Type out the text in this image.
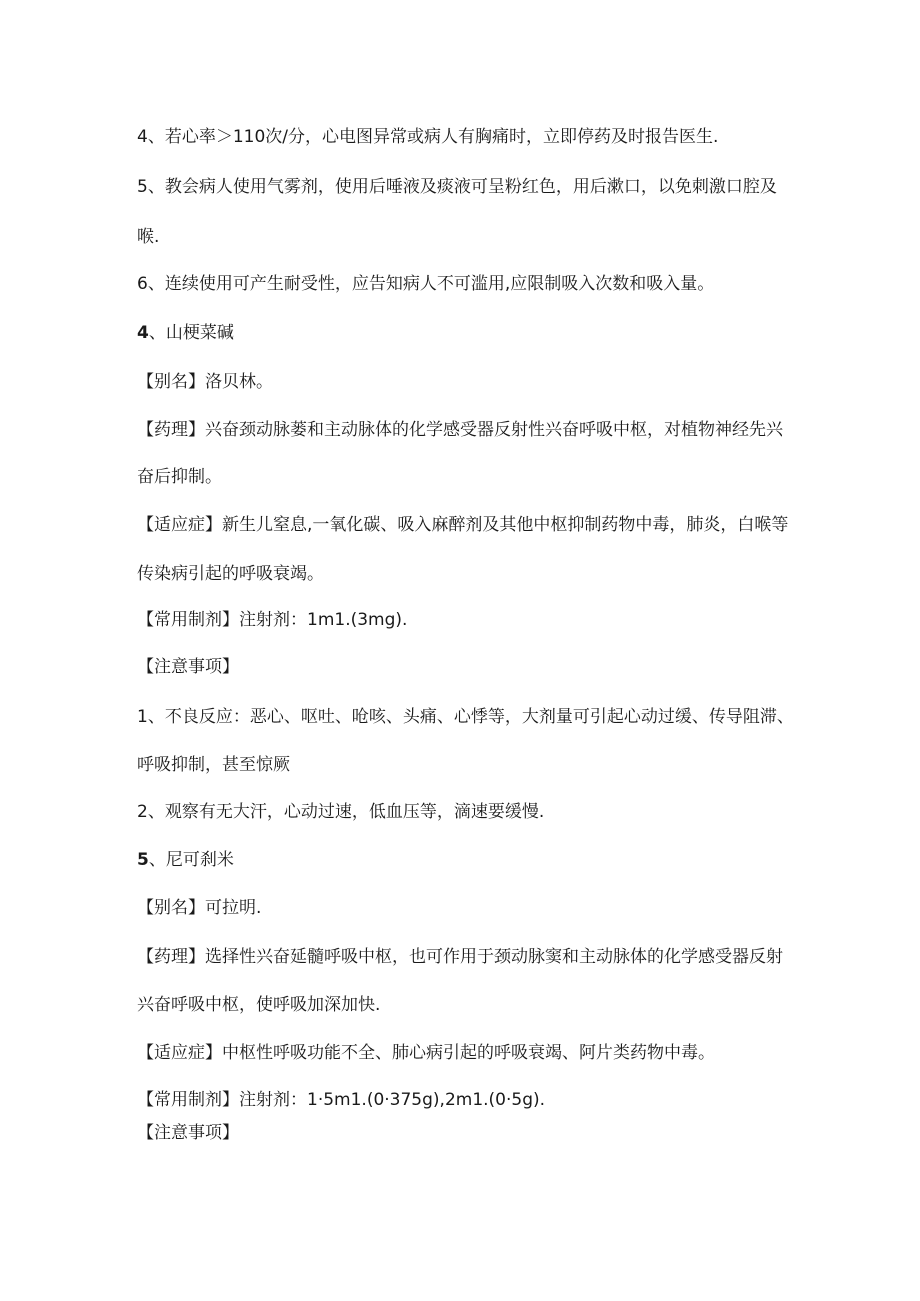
4、若心率＞110次/分，心电图异常或病人有胸痛时，立即停药及时报告医生.
5、教会病人使用气雾剂，使用后唾液及痰液可呈粉红色，用后漱口，以免刺激口腔及
喉.
6、连续使用可产生耐受性，应告知病人不可滥用,应限制吸入次数和吸入量。
4、山梗菜碱
【别名】洛贝林。
【药理】兴奋颈动脉蒌和主动脉体的化学感受器反射性兴奋呼吸中枢，对植物神经先兴
奋后抑制。
【适应症】新生儿窒息,一氧化碳、吸入麻醉剂及其他中枢抑制药物中毒，肺炎，白喉等
传染病引起的呼吸衰竭。
【常用制剂】注射剂：1m1.(3mg).
【注意事项】
1、不良反应：恶心、呕吐、呛咳、头痛、心悸等，大剂量可引起心动过缓、传导阻滞、
呼吸抑制，甚至惊厥
2、观察有无大汗，心动过速，低血压等，滴速要缓慢.
5、尼可刹米
【别名】可拉明.
【药理】选择性兴奋延髓呼吸中枢，也可作用于颈动脉窦和主动脉体的化学感受器反射
兴奋呼吸中枢，使呼吸加深加快.
【适应症】中枢性呼吸功能不全、肺心病引起的呼吸衰竭、阿片类药物中毒。
【常用制剂】注射剂：1·5m1.(0·375g),2m1.(0·5g).
【注意事项】
